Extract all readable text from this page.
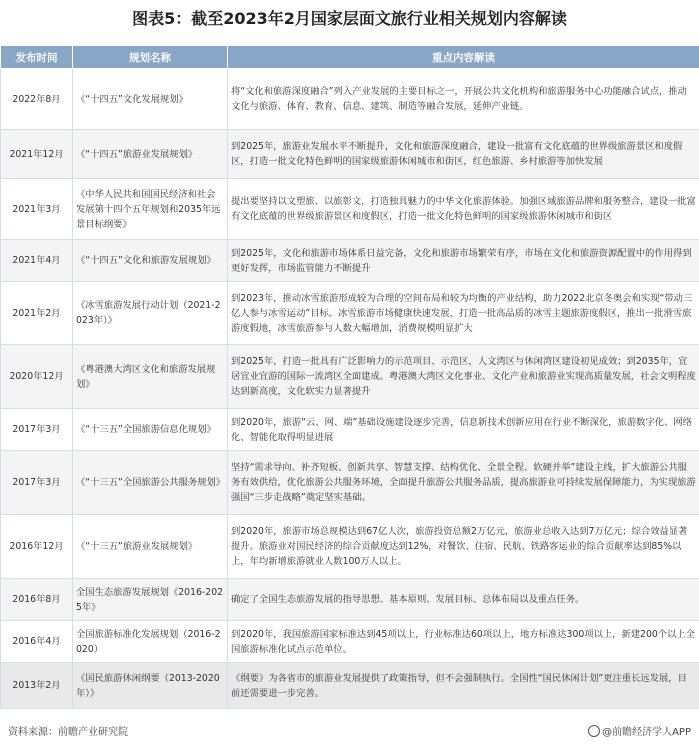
图表5：截至2023年2月国家层面文旅行业相关规划内容解读
发布时间	规划名称	重点内容解读
2022年8月	《“十四五”文化发展规划》	将“文化和旅游深度融合”列入产业发展的主要目标之一，开展公共文化机构和旅游服务中心功能融合试点，推动文化与旅游、体育、教育、信息、建筑、制造等融合发展，延伸产业链。
2021年12月	《“十四五”旅游业发展规划》	到2025年，旅游业发展水平不断提升，文化和旅游深度融合，建设一批富有文化底蕴的世界级旅游景区和度假区，打造一批文化特色鲜明的国家级旅游休闲城市和街区，红色旅游、乡村旅游等加快发展
2021年3月	《中华人民共和国国民经济和社会发展第十四个五年规划和2035年远景目标纲要》	提出要坚持以文塑旅、以旅彰文，打造独具魅力的中华文化旅游体验。加强区域旅游品牌和服务整合，建设一批富有文化底蕴的世界级旅游景区和度假区，打造一批文化特色鲜明的国家级旅游休闲城市和街区
2021年4月	《“十四五”文化和旅游发展规划》	到2025年，文化和旅游市场体系日益完备，文化和旅游市场繁荣有序，市场在文化和旅游资源配置中的作用得到更好发挥，市场监管能力不断提升
2021年2月	《冰雪旅游发展行动计划（2021-2023年）》	到2023年，推动冰雪旅游形成较为合理的空间布局和较为均衡的产业结构，助力2022北京冬奥会和实现“带动三亿人参与冰雪运动”目标。冰雪旅游市场健康快速发展，打造一批高品质的冰雪主题旅游度假区，推出一批滑雪旅游度假地，冰雪旅游参与人数大幅增加，消费规模明显扩大
2020年12月	《粤港澳大湾区文化和旅游发展规划》	到2025年，打造一批具有广泛影响力的示范项目、示范区，人文湾区与休闲湾区建设初见成效；到2035年，宜居宜业宜游的国际一流湾区全面建成。粤港澳大湾区文化事业、文化产业和旅游业实现高质量发展，社会文明程度达到新高度，文化软实力显著提升
2017年3月	《“十三五”全国旅游信息化规划》	到2020年，旅游“云、网、端”基础设施建设逐步完善，信息新技术创新应用在行业不断深化，旅游数字化、网络化、智能化取得明显进展
2017年3月	《“十三五”全国旅游公共服务规划》	坚持“需求导向、补齐短板、创新共享、智慧支撑、结构优化、全景全程、软硬并举”建设主线，扩大旅游公共服务有效供给，优化旅游公共服务环境，全面提升旅游公共服务品质，提高旅游业可持续发展保障能力，为实现旅游强国“三步走战略”奠定坚实基础。
2016年12月	《“十三五”旅游业发展规划》	到2020年，旅游市场总规模达到67亿人次，旅游投资总额2万亿元，旅游业总收入达到7万亿元；综合效益显著提升。旅游业对国民经济的综合贡献度达到12%，对餐饮、住宿、民航、铁路客运业的综合贡献率达到85%以上，年均新增旅游就业人数100万人以上。
2016年8月	全国生态旅游发展规划《2016-2025年》	确定了全国生态旅游发展的指导思想、基本原则、发展目标、总体布局以及重点任务。
2016年4月	全国旅游标准化发展规划（2016-2020）	到2020年，我国旅游国家标准达到45项以上，行业标准达60项以上，地方标准达300项以上，新建200个以上全国旅游标准化试点示范单位。
2013年2月	《国民旅游休闲纲要（2013-2020年）》	《纲要》为各省市的旅游业发展提供了政策指导，但不会强制执行。全国性“国民休闲计划”更注重长远发展，目前还需要进一步完善。
资料来源：前瞻产业研究院	@前瞻经济学人APP
